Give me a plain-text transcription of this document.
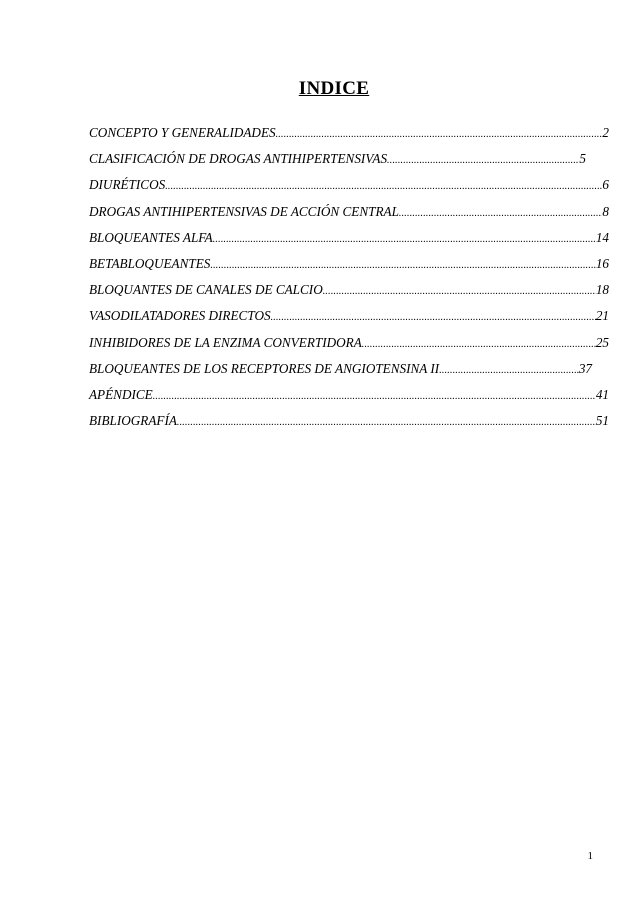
INDICE
CONCEPTO Y GENERALIDADES .....	2
CLASIFICACIÓN DE DROGAS ANTIHIPERTENSIVAS .....	5
DIURÉTICOS .....	6
DROGAS ANTIHIPERTENSIVAS DE ACCIÓN CENTRAL .....	8
BLOQUEANTES ALFA .....	14
BETABLOQUEANTES .....	16
BLOQUANTES DE CANALES DE CALCIO .....	18
VASODILATADORES DIRECTOS .....	21
INHIBIDORES DE LA ENZIMA CONVERTIDORA .....	25
BLOQUEANTES DE LOS RECEPTORES DE ANGIOTENSINA II .....	37
APÉNDICE .....	41
BIBLIOGRAFÍA .....	51
1
